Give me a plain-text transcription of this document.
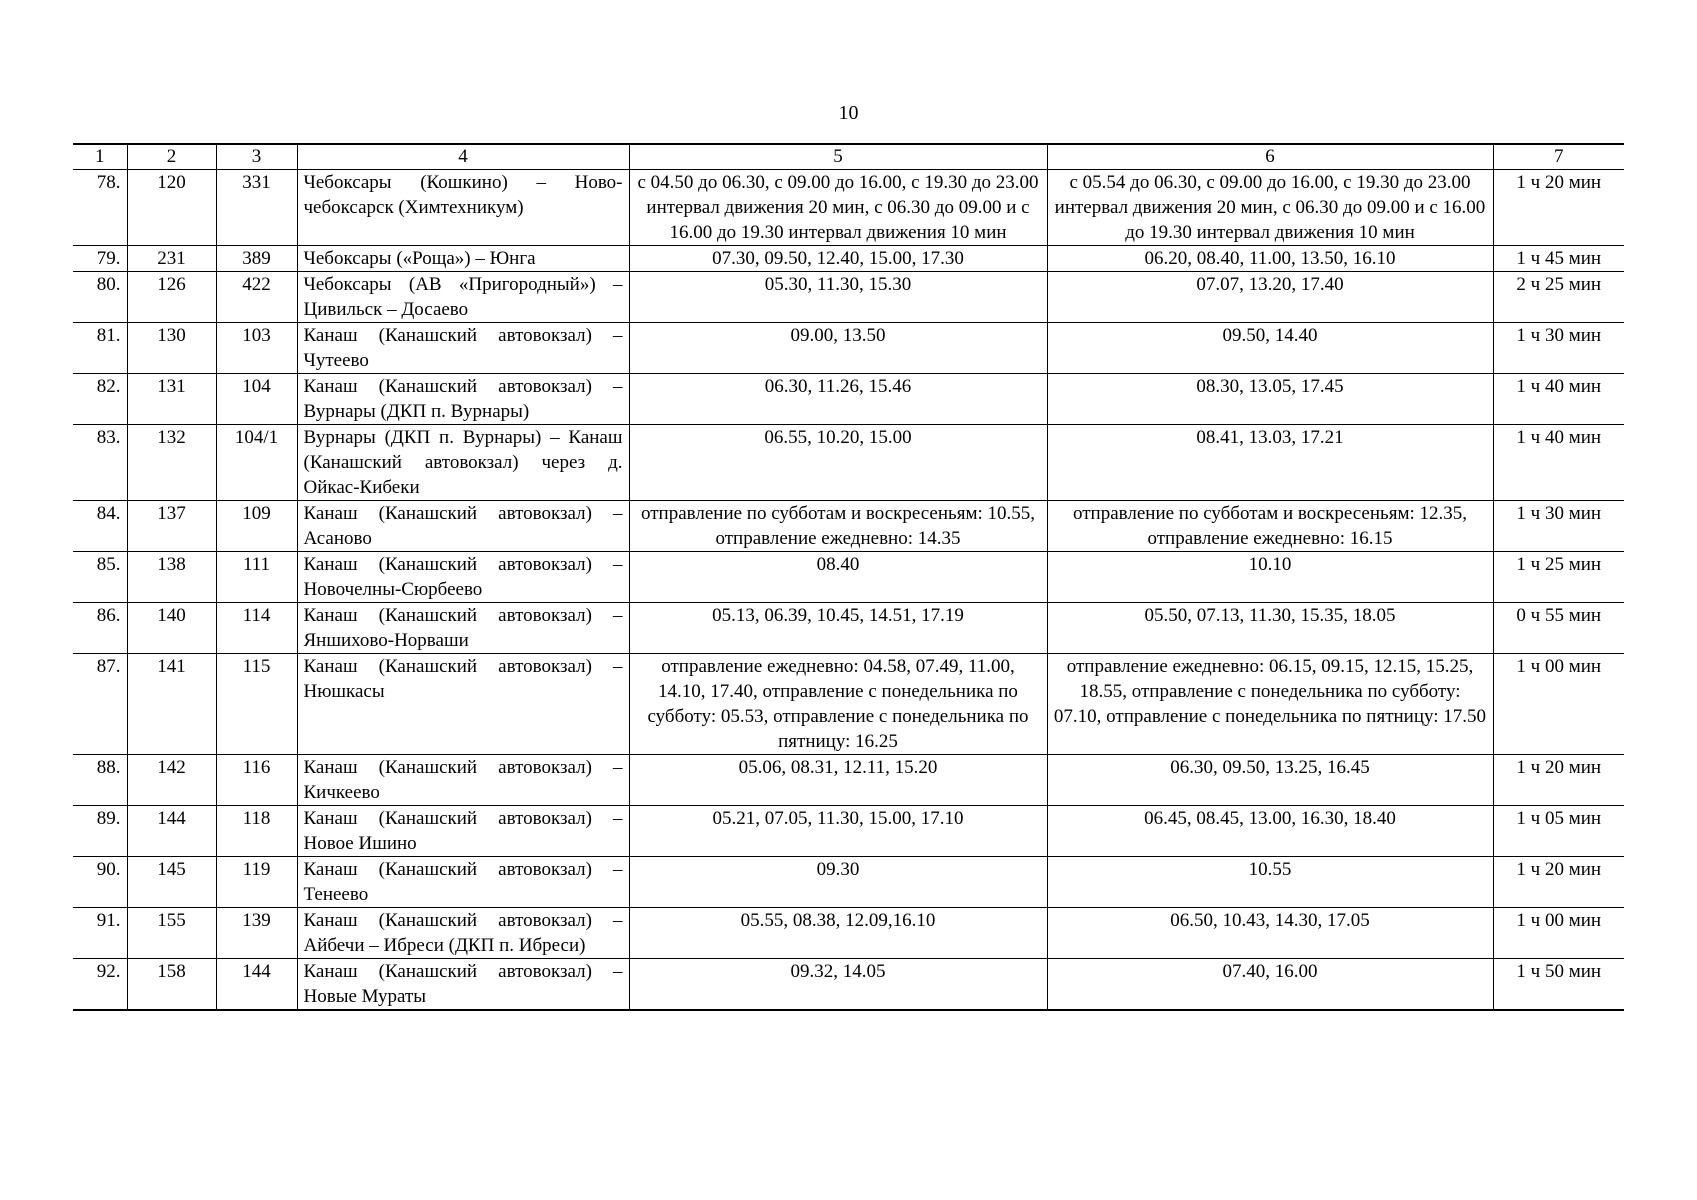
10
1	2	3	4	5	6	7
78.	120	331	Чебоксары (Кошкино) – Новочебоксарск (Химтехникум)	с 04.50 до 06.30, с 09.00 до 16.00, с 19.30 до 23.00 интервал движения 20 мин, с 06.30 до 09.00 и с 16.00 до 19.30 интервал движения 10 мин	с 05.54 до 06.30, с 09.00 до 16.00, с 19.30 до 23.00 интервал движения 20 мин, с 06.30 до 09.00 и с 16.00 до 19.30 интервал движения 10 мин	1 ч 20 мин
79.	231	389	Чебоксары («Роща») – Юнга	07.30, 09.50, 12.40, 15.00, 17.30	06.20, 08.40, 11.00, 13.50, 16.10	1 ч 45 мин
80.	126	422	Чебоксары (АВ «Пригородный») – Цивильск – Досаево	05.30, 11.30, 15.30	07.07, 13.20, 17.40	2 ч 25 мин
81.	130	103	Канаш (Канашский автовокзал) – Чутеево	09.00, 13.50	09.50, 14.40	1 ч 30 мин
82.	131	104	Канаш (Канашский автовокзал) – Вурнары (ДКП п. Вурнары)	06.30, 11.26, 15.46	08.30, 13.05, 17.45	1 ч 40 мин
83.	132	104/1	Вурнары (ДКП п. Вурнары) – Канаш (Канашский автовокзал) через д. Ойкас-Кибеки	06.55, 10.20, 15.00	08.41, 13.03, 17.21	1 ч 40 мин
84.	137	109	Канаш (Канашский автовокзал) – Асаново	отправление по субботам и воскресеньям: 10.55, отправление ежедневно: 14.35	отправление по субботам и воскресеньям: 12.35, отправление ежедневно: 16.15	1 ч 30 мин
85.	138	111	Канаш (Канашский автовокзал) – Новочелны-Сюрбеево	08.40	10.10	1 ч 25 мин
86.	140	114	Канаш (Канашский автовокзал) – Яншихово-Норваши	05.13, 06.39, 10.45, 14.51, 17.19	05.50, 07.13, 11.30, 15.35, 18.05	0 ч 55 мин
87.	141	115	Канаш (Канашский автовокзал) – Нюшкасы	отправление ежедневно: 04.58, 07.49, 11.00, 14.10, 17.40, отправление с понедельника по субботу: 05.53, отправление с понедельника по пятницу: 16.25	отправление ежедневно: 06.15, 09.15, 12.15, 15.25, 18.55, отправление с понедельника по субботу: 07.10, отправление с понедельника по пятницу: 17.50	1 ч 00 мин
88.	142	116	Канаш (Канашский автовокзал) – Кичкеево	05.06, 08.31, 12.11, 15.20	06.30, 09.50, 13.25, 16.45	1 ч 20 мин
89.	144	118	Канаш (Канашский автовокзал) – Новое Ишино	05.21, 07.05, 11.30, 15.00, 17.10	06.45, 08.45, 13.00, 16.30, 18.40	1 ч 05 мин
90.	145	119	Канаш (Канашский автовокзал) – Тенеево	09.30	10.55	1 ч 20 мин
91.	155	139	Канаш (Канашский автовокзал) – Айбечи – Ибреси (ДКП п. Ибреси)	05.55, 08.38, 12.09,16.10	06.50, 10.43, 14.30, 17.05	1 ч 00 мин
92.	158	144	Канаш (Канашский автовокзал) – Новые Мураты	09.32, 14.05	07.40, 16.00	1 ч 50 мин
